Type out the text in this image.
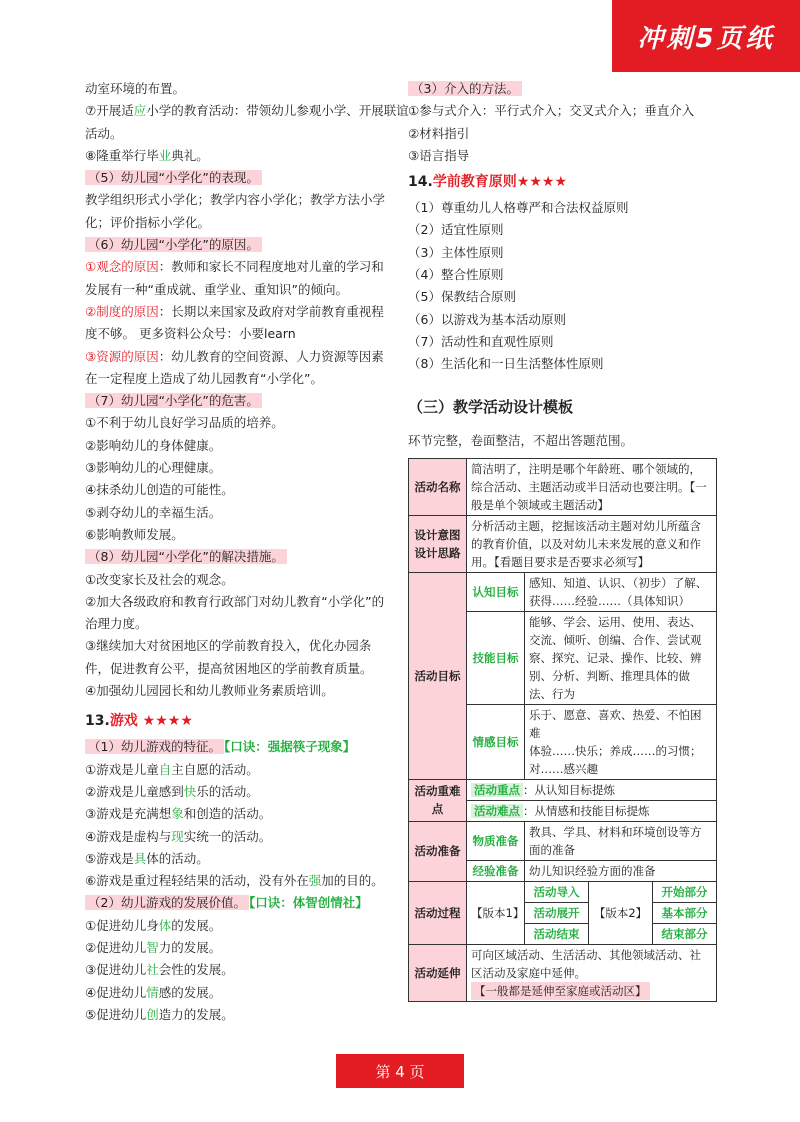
冲刺5页纸
动室环境的布置。
⑦开展适应小学的教育活动：带领幼儿参观小学、开展联谊
活动。
⑧隆重举行毕业典礼。
（5）幼儿园“小学化”的表现。
教学组织形式小学化；教学内容小学化；教学方法小学化；评价指标小学化。
（6）幼儿园“小学化”的原因。
①观念的原因：教师和家长不同程度地对儿童的学习和发展有一种“重成就、重学业、重知识”的倾向。
②制度的原因：长期以来国家及政府对学前教育重视程度不够。 更多资料公众号：小要learn
③资源的原因：幼儿教育的空间资源、人力资源等因素在一定程度上造成了幼儿园教育“小学化”。
（7）幼儿园“小学化”的危害。
①不利于幼儿良好学习品质的培养。
②影响幼儿的身体健康。
③影响幼儿的心理健康。
④抹杀幼儿创造的可能性。
⑤剥夺幼儿的幸福生活。
⑥影响教师发展。
（8）幼儿园“小学化”的解决措施。
①改变家长及社会的观念。
②加大各级政府和教育行政部门对幼儿教育“小学化”的治理力度。
③继续加大对贫困地区的学前教育投入，优化办园条件，促进教育公平，提高贫困地区的学前教育质量。
④加强幼儿园园长和幼儿教师业务素质培训。
13.游戏 ★★★★
（1）幼儿游戏的特征。 【口诀：强据筷子现象】
①游戏是儿童自主自愿的活动。
②游戏是儿童感到快乐的活动。
③游戏是充满想象和创造的活动。
④游戏是虚构与现实统一的活动。
⑤游戏是具体的活动。
⑥游戏是重过程轻结果的活动，没有外在强加的目的。
（2）幼儿游戏的发展价值。 【口诀：体智创情社】
①促进幼儿身体的发展。
②促进幼儿智力的发展。
③促进幼儿社会性的发展。
④促进幼儿情感的发展。
⑤促进幼儿创造力的发展。
（3）介入的方法。
①参与式介入：平行式介入；交叉式介入；垂直介入
②材料指引
③语言指导
14.学前教育原则★★★★
（1）尊重幼儿人格尊严和合法权益原则
（2）适宜性原则
（3）主体性原则
（4）整合性原则
（5）保教结合原则
（6）以游戏为基本活动原则
（7）活动性和直观性原则
（8）生活化和一日生活整体性原则
（三）教学活动设计模板
环节完整，卷面整洁，不超出答题范围。
活动名称	简洁明了，注明是哪个年龄班、哪个领域的，综合活动、主题活动或半日活动也要注明。【一般是单个领域或主题活动】			
设计意图设计思路	分析活动主题，挖掘该活动主题对幼儿所蕴含的教育价值，以及对幼儿未来发展的意义和作用。【看题目要求是否要求必须写】			
活动目标	认知目标	感知、知道、认识、（初步）了解、获得……经验……（具体知识）		
	技能目标	能够、学会、运用、使用、表达、交流、倾听、创编、合作、尝试观察、探究、记录、操作、比较、辨别、分析、判断、推理具体的做法、行为		
	情感目标	乐于、愿意、喜欢、热爱、不怕困难
体验……快乐；养成……的习惯；对……感兴趣		

活动重难点	活动重点 ：从认知目标提炼			
	活动难点 ：从情感和技能目标提炼			
活动准备	物质准备	教具、学具、材料和环境创设等方面的准备		
	经验准备	幼儿知识经验方面的准备		
活动过程	【版本1】	活动导入	【版本2】	开始部分
		活动展开		基本部分
		活动结束		结束部分
活动延伸	可向区域活动、生活活动、其他领域活动、社区活动及家庭中延伸。
【一般都是延伸至家庭或活动区】			
第 4 页
